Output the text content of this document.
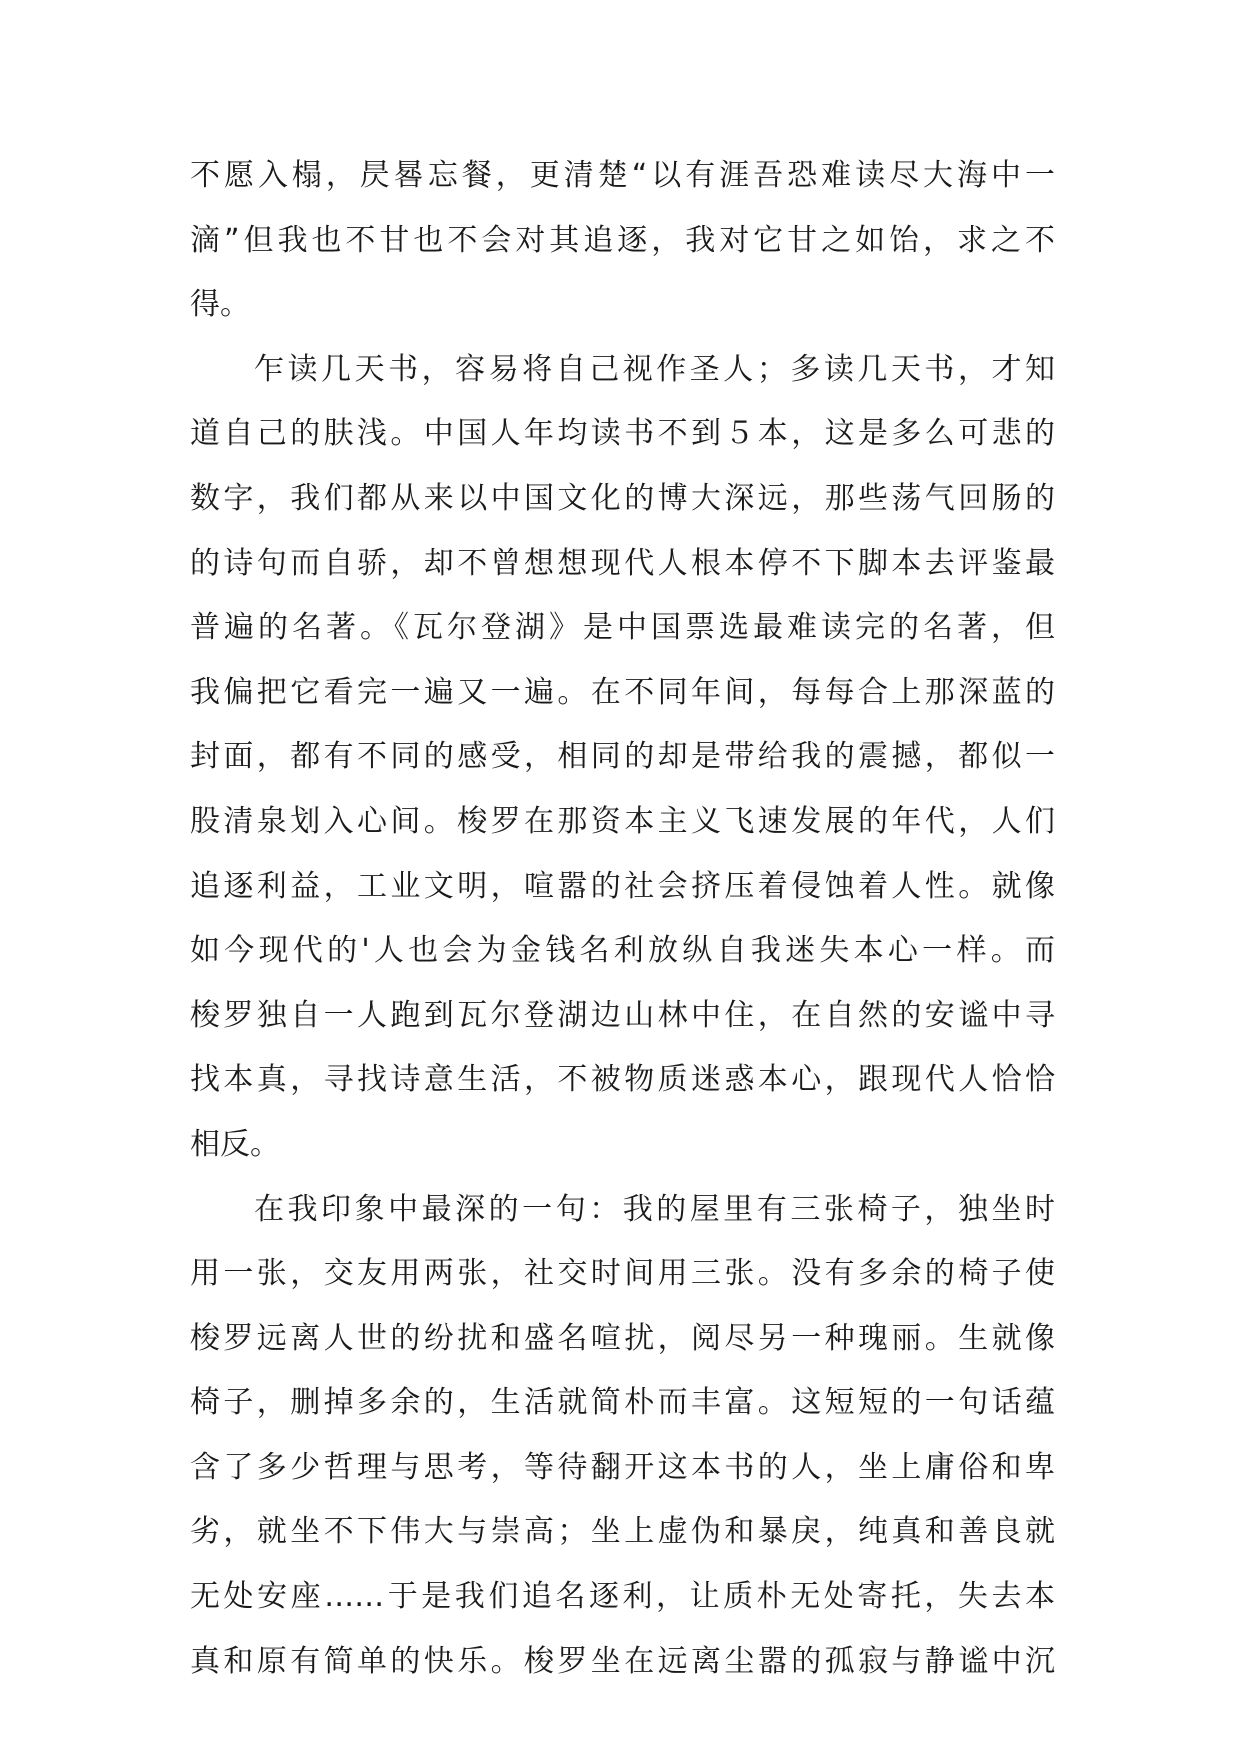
不愿入榻，昃晷忘餐，更清楚“以有涯吾恐难读尽大海中一
滴”但我也不甘也不会对其追逐，我对它甘之如饴，求之不
得。
乍读几天书，容易将自己视作圣人；多读几天书，才知
道自己的肤浅。中国人年均读书不到５本，这是多么可悲的
数字，我们都从来以中国文化的博大深远，那些荡气回肠的
的诗句而自骄，却不曾想想现代人根本停不下脚本去评鉴最
普遍的名著。《瓦尔登湖》是中国票选最难读完的名著，但
我偏把它看完一遍又一遍。在不同年间，每每合上那深蓝的
封面，都有不同的感受，相同的却是带给我的震撼，都似一
股清泉划入心间。梭罗在那资本主义飞速发展的年代，人们
追逐利益，工业文明，喧嚣的社会挤压着侵蚀着人性。就像
如今现代的'人也会为金钱名利放纵自我迷失本心一样。而
梭罗独自一人跑到瓦尔登湖边山林中住，在自然的安谧中寻
找本真，寻找诗意生活，不被物质迷惑本心，跟现代人恰恰
相反。
在我印象中最深的一句：我的屋里有三张椅子，独坐时
用一张，交友用两张，社交时间用三张。没有多余的椅子使
梭罗远离人世的纷扰和盛名喧扰，阅尽另一种瑰丽。生就像
椅子，删掉多余的，生活就简朴而丰富。这短短的一句话蕴
含了多少哲理与思考，等待翻开这本书的人，坐上庸俗和卑
劣，就坐不下伟大与崇高；坐上虚伪和暴戾，纯真和善良就
无处安座……于是我们追名逐利，让质朴无处寄托，失去本
真和原有简单的快乐。梭罗坐在远离尘嚣的孤寂与静谧中沉
